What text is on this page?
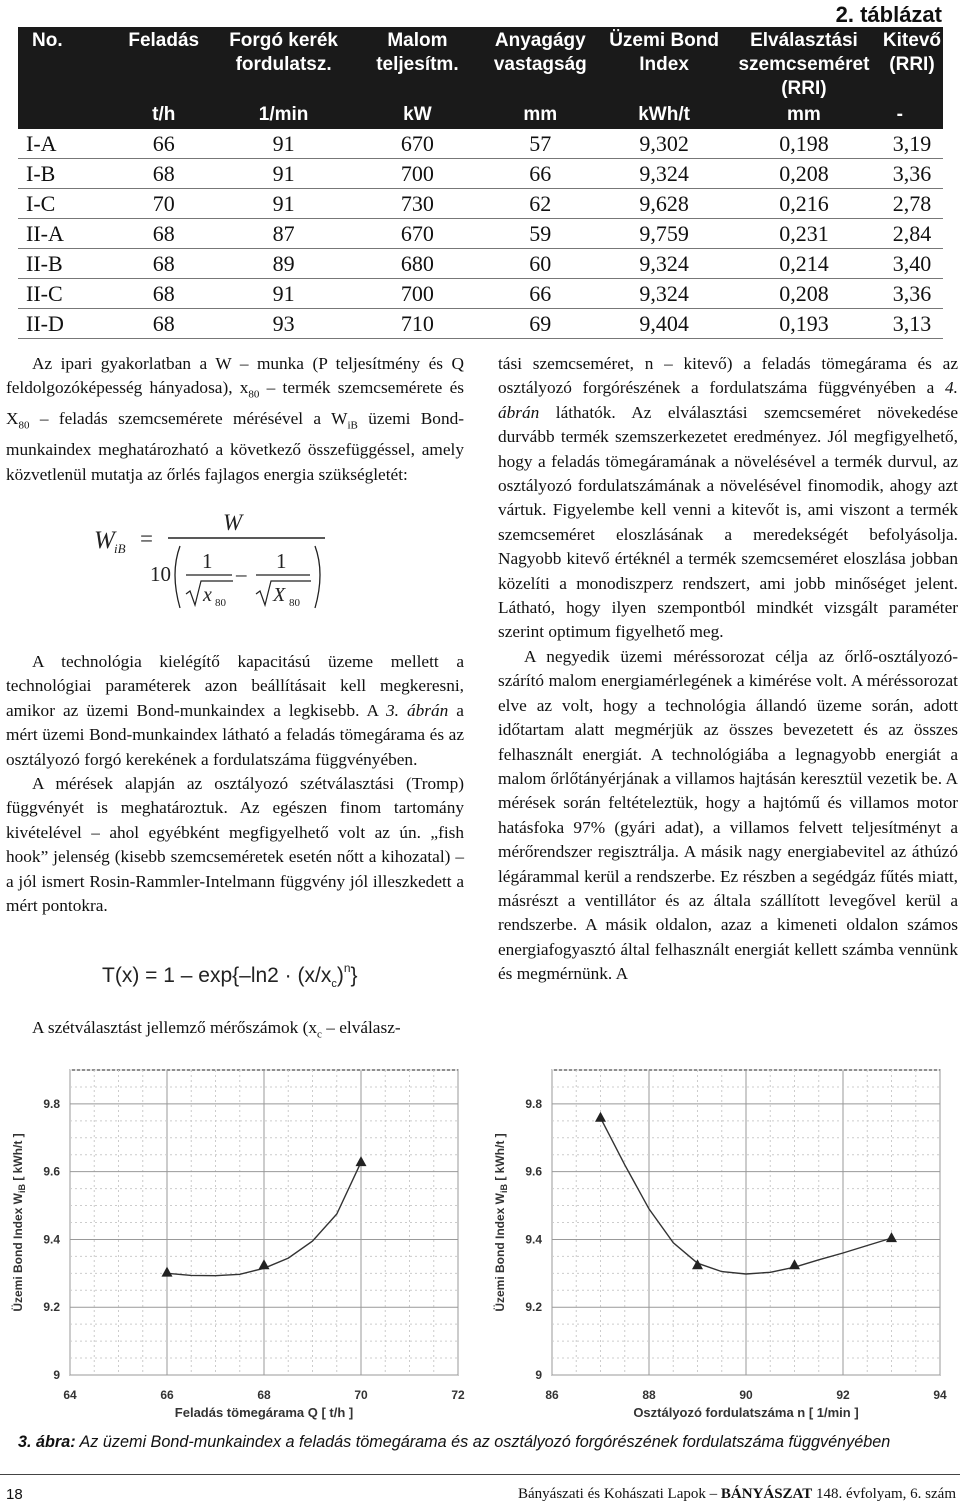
2. táblázat
No.	Feladás	Forgó kerék fordulatsz.	Malom teljesítm.	Anyagágy vastagság	Üzemi Bond Index	Elválasztási szemcseméret (RRI)	Kitevő (RRI)
	t/h	1/min	kW	mm	kWh/t	mm	-
I-A	66	91	670	57	9,302	0,198	3,19
I-B	68	91	700	66	9,324	0,208	3,36
I-C	70	91	730	62	9,628	0,216	2,78
II-A	68	87	670	59	9,759	0,231	2,84
II-B	68	89	680	60	9,324	0,214	3,40
II-C	68	91	700	66	9,324	0,208	3,36
II-D	68	93	710	69	9,404	0,193	3,13

Az ipari gyakorlatban a W – munka (P teljesítmény és Q feldolgozóképesség hányadosa), $x_{80}$ – termék szemcsemérete és $X_{80}$ – feladás szemcsemérete mérésével a $W_{iB}$ üzemi Bond-munkaindex meghatározható a következő összefüggéssel, amely közvetlenül mutatja az őrlés fajlagos energia szükségletét:

W iB =
W
10
1
x 80
–
1
X 80

A technológia kielégítő kapacitású üzeme mellett a technológiai paraméterek azon beállításait kell megkeresni, amikor az üzemi Bond-munkaindex a legkisebb. A 3. ábrán a mért üzemi Bond-munkaindex látható a feladás tömegárama és az osztályozó forgó kerekének a fordulatszáma függvényében.

A mérések alapján az osztályozó szétválasztási (Tromp) függvényét is meghatároztuk. Az egészen finom tartomány kivételével – ahol egyébként megfigyelhető volt az ún. „fish hook” jelenség (kisebb szemcseméretek esetén nőtt a kihozatal) – a jól ismert Rosin-Rammler-Intelmann függvény jól illeszkedett a mért pontokra.

$T(x) = 1 - \exp\{-\ln 2 \cdot (x/x_c)^n\}$

A szétválasztást jellemző mérőszámok ($x_c$ – elválasz-

tási szemcseméret, n – kitevő) a feladás tömegárama és az osztályozó forgórészének a fordulatszáma függvényében a 4. ábrán láthatók. Az elválasztási szemcseméret növekedése durvább termék szemszerkezetet eredményez. Jól megfigyelhető, hogy a feladás tömegáramának a növelésével a termék durvul, az osztályozó fordulatszámának a növelésével finomodik, ahogy azt vártuk. Figyelembe kell venni a kitevőt is, ami viszont a termék szemcseméret eloszlásának a meredekségét befolyásolja. Nagyobb kitevő értéknél a termék szemcseméret eloszlása jobban közelíti a monodiszperz rendszert, ami jobb minőséget jelent. Látható, hogy ilyen szempontból mindkét vizsgált paraméter szerint optimum figyelhető meg.

A negyedik üzemi méréssorozat célja az őrlő-osztályozó-szárító malom energiamérlegének a kimérése volt. A méréssorozat elve az volt, hogy a technológia állandó üzeme során, adott időtartam alatt megmérjük az összes bevezetett és az összes felhasznált energiát. A technológiába a legnagyobb energiát a malom őrlőtányérjának a villamos hajtásán keresztül vezetik be. A mérések során feltételeztük, hogy a hajtómű és villamos motor hatásfoka 97% (gyári adat), a villamos felvett teljesítményt a mérőrendszer regisztrálja. A másik nagy energiabevitel az áthúzó légárammal kerül a rendszerbe. Ez részben a segédgáz fűtés miatt, másrészt a ventillátor és az általa szállított levegővel kerül a rendszerbe. A másik oldalon, azaz a kimeneti oldalon számos energiafogyasztó által felhasznált energiát kellett számba vennünk és megmérnünk. A

64	66	68	70	72
9
9.2
9.4
9.6
9.8
Feladás tömegárama Q [ t/h ]
Üzemi Bond Index $W_{iB}$ [ kWh/t ]
86	88	90	92	94
9
9.2
9.4
9.6
9.8
Osztályozó fordulatszáma n [ 1/min ]
Üzemi Bond Index $W_{iB}$ [ kWh/t ]
3. ábra: Az üzemi Bond-munkaindex a feladás tömegárama és az osztályozó forgórészének fordulatszáma függvényében
18	Bányászati és Kohászati Lapok – BÁNYÁSZAT 148. évfolyam, 6. szám
